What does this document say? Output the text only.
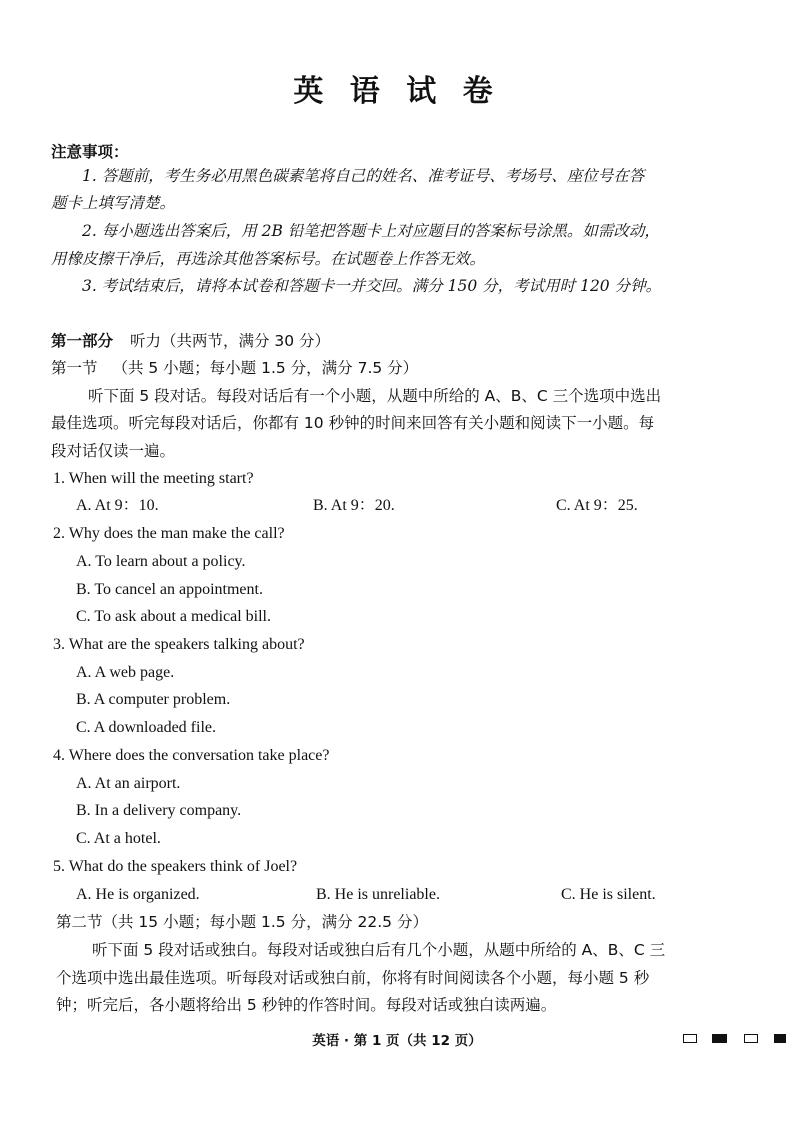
英 语 试 卷
注意事项：
1. 答题前，考生务必用黑色碳素笔将自己的姓名、准考证号、考场号、座位号在答
题卡上填写清楚。
2. 每小题选出答案后，用 2B 铅笔把答题卡上对应题目的答案标号涂黑。如需改动，
用橡皮擦干净后，再选涂其他答案标号。在试题卷上作答无效。
3. 考试结束后，请将本试卷和答题卡一并交回。满分 150 分，考试用时 120 分钟。
第一部分 听力（共两节，满分 30 分）
第一节 （共 5 小题；每小题 1.5 分，满分 7.5 分）
听下面 5 段对话。每段对话后有一个小题，从题中所给的 A、B、C 三个选项中选出
最佳选项。听完每段对话后，你都有 10 秒钟的时间来回答有关小题和阅读下一小题。每
段对话仅读一遍。
1. When will the meeting start?
A. At 9：10.	B. At 9：20.	C. At 9：25.
2. Why does the man make the call?
A. To learn about a policy.
B. To cancel an appointment.
C. To ask about a medical bill.
3. What are the speakers talking about?
A. A web page.
B. A computer problem.
C. A downloaded file.
4. Where does the conversation take place?
A. At an airport.
B. In a delivery company.
C. At a hotel.
5. What do the speakers think of Joel?
A. He is organized.	B. He is unreliable.	C. He is silent.
第二节（共 15 小题；每小题 1.5 分，满分 22.5 分）
听下面 5 段对话或独白。每段对话或独白后有几个小题，从题中所给的 A、B、C 三
个选项中选出最佳选项。听每段对话或独白前，你将有时间阅读各个小题，每小题 5 秒
钟；听完后，各小题将给出 5 秒钟的作答时间。每段对话或独白读两遍。
英语 · 第 1 页（共 12 页）
